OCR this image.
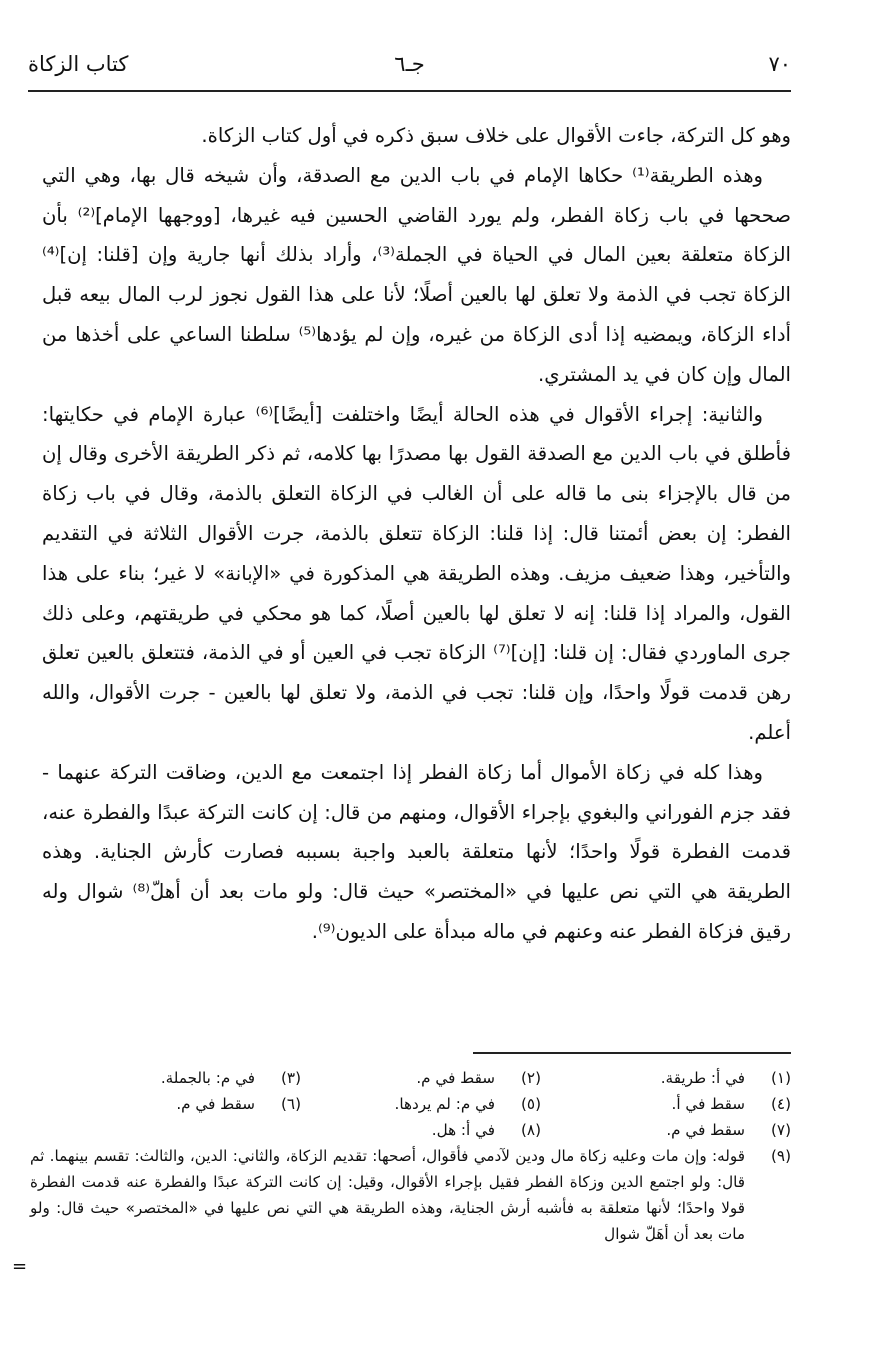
٧٠
جـ٦
كتاب الزكاة

وهو كل التركة، جاءت الأقوال على خلاف سبق ذكره في أول كتاب الزكاة.

وهذه الطريقة⁽¹⁾ حكاها الإمام في باب الدين مع الصدقة، وأن شيخه قال بها، وهي التي صححها في باب زكاة الفطر، ولم يورد القاضي الحسين فيه غيرها، [ووجهها الإمام]⁽²⁾ بأن الزكاة متعلقة بعين المال في الحياة في الجملة⁽³⁾، وأراد بذلك أنها جارية وإن [قلنا: إن]⁽⁴⁾ الزكاة تجب في الذمة ولا تعلق لها بالعين أصلًا؛ لأنا على هذا القول نجوز لرب المال بيعه قبل أداء الزكاة، ويمضيه إذا أدى الزكاة من غيره، وإن لم يؤدها⁽⁵⁾ سلطنا الساعي على أخذها من المال وإن كان في يد المشتري.

والثانية: إجراء الأقوال في هذه الحالة أيضًا واختلفت [أيضًا]⁽⁶⁾ عبارة الإمام في حكايتها: فأطلق في باب الدين مع الصدقة القول بها مصدرًا بها كلامه، ثم ذكر الطريقة الأخرى وقال إن من قال بالإجزاء بنى ما قاله على أن الغالب في الزكاة التعلق بالذمة، وقال في باب زكاة الفطر: إن بعض أئمتنا قال: إذا قلنا: الزكاة تتعلق بالذمة، جرت الأقوال الثلاثة في التقديم والتأخير، وهذا ضعيف مزيف. وهذه الطريقة هي المذكورة في «الإبانة» لا غير؛ بناء على هذا القول، والمراد إذا قلنا: إنه لا تعلق لها بالعين أصلًا، كما هو محكي في طريقتهم، وعلى ذلك جرى الماوردي فقال: إن قلنا: [إن]⁽⁷⁾ الزكاة تجب في العين أو في الذمة، فتتعلق بالعين تعلق رهن قدمت قولًا واحدًا، وإن قلنا: تجب في الذمة، ولا تعلق لها بالعين - جرت الأقوال، والله أعلم.

وهذا كله في زكاة الأموال أما زكاة الفطر إذا اجتمعت مع الدين، وضاقت التركة عنهما - فقد جزم الفوراني والبغوي بإجراء الأقوال، ومنهم من قال: إن كانت التركة عبدًا والفطرة عنه، قدمت الفطرة قولًا واحدًا؛ لأنها متعلقة بالعبد واجبة بسببه فصارت كأرش الجناية. وهذه الطريقة هي التي نص عليها في «المختصر» حيث قال: ولو مات بعد أن أهلّ⁽⁸⁾ شوال وله رقيق فزكاة الفطر عنه وعنهم في ماله مبدأة على الديون⁽⁹⁾.

(١)
في أ: طريقة.
(٢)
سقط في م.
(٣)
في م: بالجملة.
(٤)
سقط في أ.
(٥)
في م: لم يردها.
(٦)
سقط في م.
(٧)
سقط في م.
(٨)
في أ: هل.
(٩)
قوله: وإن مات وعليه زكاة مال ودين لآدمي فأقوال، أصحها: تقديم الزكاة، والثاني: الدين، والثالث: تقسم بينهما. ثم قال: ولو اجتمع الدين وزكاة الفطر فقيل بإجراء الأقوال، وقيل: إن كانت التركة عبدًا والفطرة عنه قدمت الفطرة قولا واحدًا؛ لأنها متعلقة به فأشبه أرش الجناية، وهذه الطريقة هي التي نص عليها في «المختصر» حيث قال: ولو مات بعد أن أهَلّ شوال
=
